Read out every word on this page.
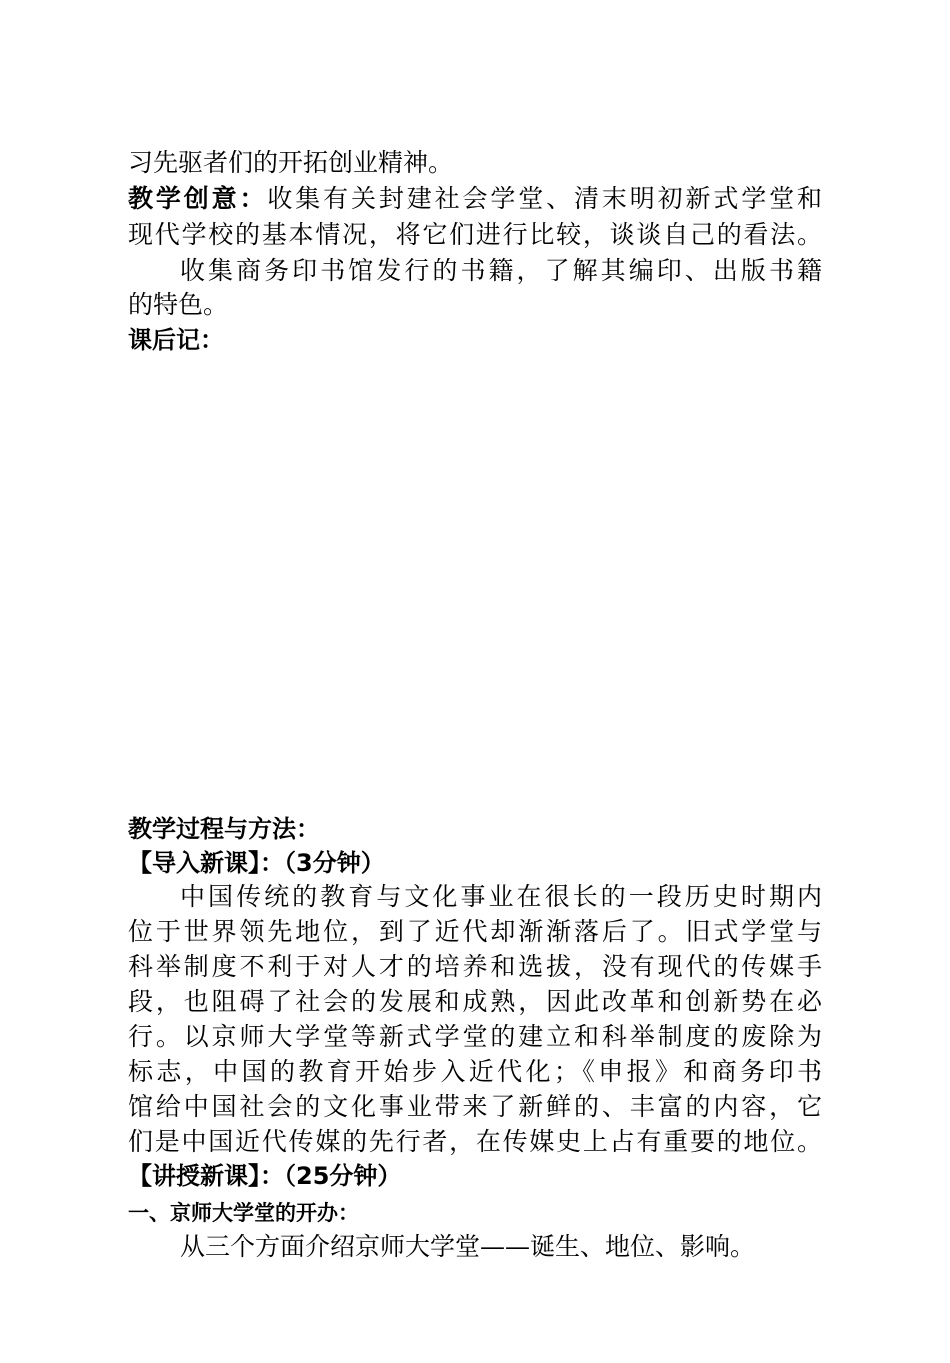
习先驱者们的开拓创业精神。
教学创意：收集有关封建社会学堂、清末明初新式学堂和
现代学校的基本情况，将它们进行比较，谈谈自己的看法。
收集商务印书馆发行的书籍，了解其编印、出版书籍
的特色。
课后记：
教学过程与方法：
【导入新课】：（3分钟）
中国传统的教育与文化事业在很长的一段历史时期内
位于世界领先地位，到了近代却渐渐落后了。旧式学堂与
科举制度不利于对人才的培养和选拔，没有现代的传媒手
段，也阻碍了社会的发展和成熟，因此改革和创新势在必
行。以京师大学堂等新式学堂的建立和科举制度的废除为
标志，中国的教育开始步入近代化；《申报》和商务印书
馆给中国社会的文化事业带来了新鲜的、丰富的内容，它
们是中国近代传媒的先行者，在传媒史上占有重要的地位。
【讲授新课】：（25分钟）
一、京师大学堂的开办：
从三个方面介绍京师大学堂——诞生、地位、影响。
